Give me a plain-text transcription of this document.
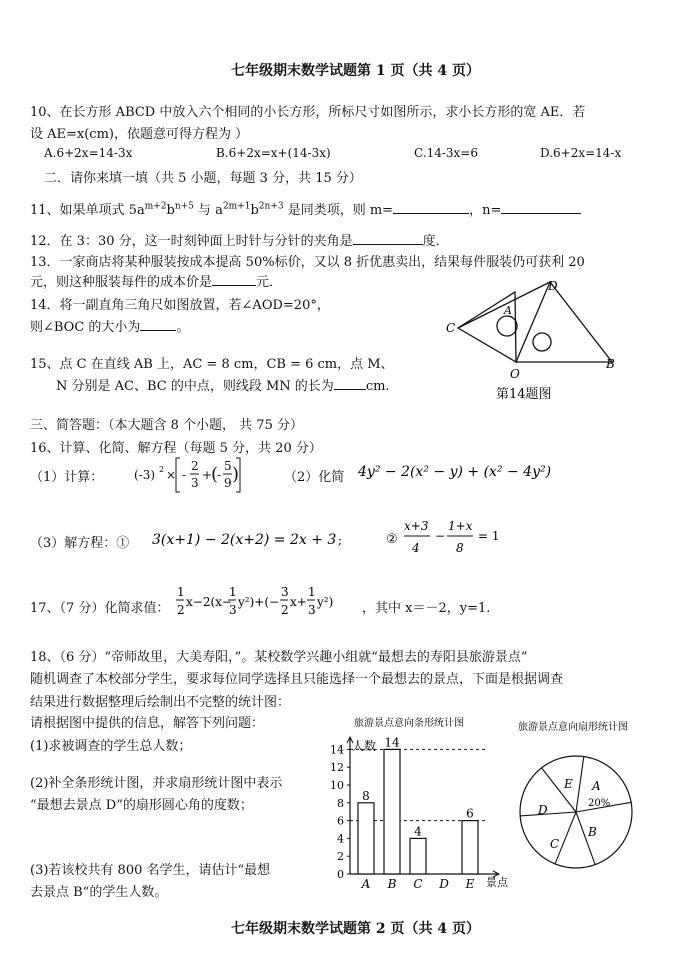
七年级期末数学试题第 1 页（共 4 页）
10、在长方形 ABCD 中放入六个相同的小长方形，所标尺寸如图所示，求小长方形的宽 AE．若
设 AE=x(cm)，依题意可得方程为 ）
A.6+2x=14-3x	B.6+2x=x+(14-3x)	C.14-3x=6	D.6+2x=14-x
二．请你来填一填（共 5 小题，每题 3 分，共 15 分）
11、如果单项式 $5a^{m+2}b^{n+5}$ 与 $a^{2m+1}b^{2n+3}$ 是同类项，则 m=	，n=
12．在 3：30 分，这一时刻钟面上时针与分针的夹角是	度．
13．一家商店将某种服装按成本提高 50%标价，又以 8 折优惠卖出，结果每件服装仍可获利 20
元，则这种服装每件的成本价是	元．
14．将一副直角三角尺如图放置，若∠AOD=20°，
则∠BOC 的大小为	。	C
A
D
O
B
第14题图
15、点 C 在直线 AB 上，AC = 8 cm，CB = 6 cm，点 M、
N 分别是 AC、BC 的中点，则线段 MN 的长为 cm.
三、简答题：（本大题含 8 个小题， 共 75 分）
16、计算、化简、解方程（每题 5 分，共 20 分）
（1）计算：	(-3) 2 × -
2
3
+
(
-
5
9 )	（2）化简 4y² − 2(x² − y) + (x² − 4y²)
（3）解方程：① 3(x+1) − 2(x+2) = 2x + 3 ;	②
x+3
4
−
1+x
8
= 1
17、（7 分）化简求值：
1
2
x−2(x−
1
3
y²)+(−
3
2
x+
1
3
y²) ，其中 x＝－2，y=1.
18、（6 分）“帝师故里，大美寿阳，”。某校数学兴趣小组就“最想去的寿阳县旅游景点”
随机调查了本校部分学生，要求每位同学选择且只能选择一个最想去的景点，下面是根据调查
结果进行数据整理后绘制出不完整的统计图：
请根据图中提供的信息，解答下列问题：
(1)求被调查的学生总人数；
(2)补全条形统计图，并求扇形统计图中表示
“最想去景点 D”的扇形圆心角的度数；
(3)若该校共有 800 名学生，请估计“最想
去景点 B“的学生人数。
旅游景点意向条形统计图
人数
景点
0
2
4
6
8
10
12
14
8
A
14
B
4
C D
6
E
旅游景点意向扇形统计图
A
B
C
D
E
20%
七年级期末数学试题第 2 页（共 4 页）
